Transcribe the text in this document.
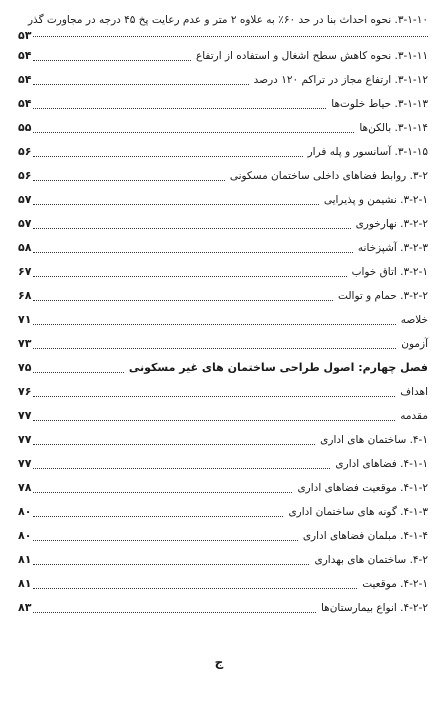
۳-۱-۱۰. نحوه احداث بنا در حد ۶۰٪ به علاوه ۲ متر و عدم رعایت پخ ۴۵ درجه در مجاورت گذر
۵۳
۳-۱-۱۱. نحوه کاهش سطح اشغال و استفاده از ارتفاع
۵۴
۳-۱-۱۲. ارتفاع مجاز در تراکم ۱۲۰ درصد
۵۴
۳-۱-۱۳. حیاط خلوت‌ها
۵۴
۳-۱-۱۴. بالکن‌ها
۵۵
۳-۱-۱۵. آسانسور و پله فرار
۵۶
۳-۲. روابط فضاهای داخلی ساختمان مسکونی
۵۶
۳-۲-۱. نشیمن و پذیرایی
۵۷
۳-۲-۲. نهارخوری
۵۷
۳-۲-۳. آشپزخانه
۵۸
۳-۲-۱. اتاق خواب
۶۷
۳-۲-۲. حمام و توالت
۶۸
خلاصه
۷۱
آزمون
۷۳
فصل چهارم: اصول طراحی ساختمان های غیر مسکونی
۷۵
اهداف
۷۶
مقدمه
۷۷
۴-۱. ساختمان های اداری
۷۷
۴-۱-۱. فضاهای اداری
۷۷
۴-۱-۲. موقعیت فضاهای اداری
۷۸
۴-۱-۳. گونه های ساختمان اداری
۸۰
۴-۱-۴. مبلمان فضاهای اداری
۸۰
۴-۲. ساختمان های بهداری
۸۱
۴-۲-۱. موقعیت
۸۱
۴-۲-۲. انواع بیمارستان‌ها
۸۳
ج
